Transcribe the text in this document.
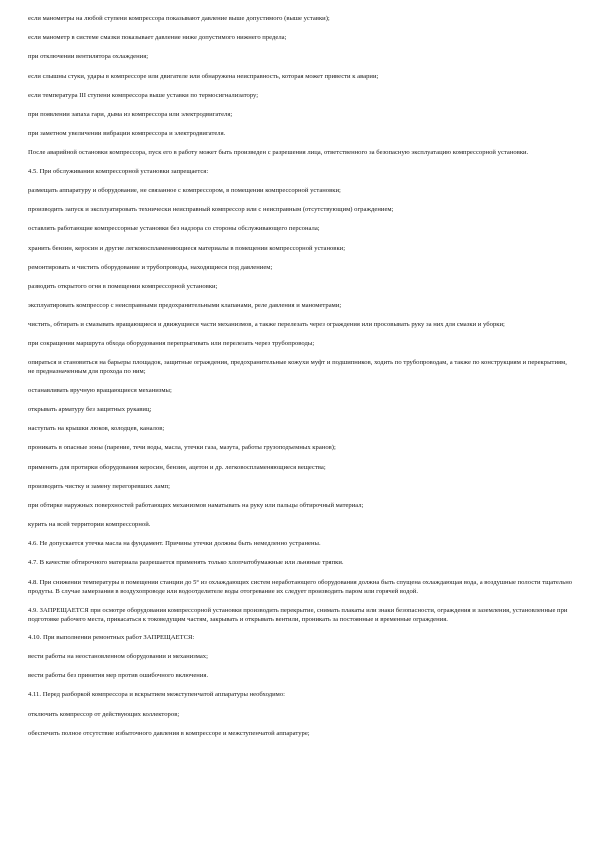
если манометры на любой ступени компрессора показывают давление выше допустимого (выше уставки);

если манометр в системе смазки показывает давление ниже допустимого нижнего предела;

при отключении вентилятора охлаждения;

если слышны стуки, удары в компрессоре или двигателе или обнаружена неисправность, которая может привести к аварии;

если температура III ступени компрессора выше уставки по термосигнализатору;

при появлении запаха гари, дыма из компрессора или электродвигателя;

при заметном увеличении вибрации компрессора и электродвигателя.

После аварийной остановки компрессора, пуск его в работу может быть произведен с разрешения лица, ответственного за безопасную эксплуатацию компрессорной установки.

4.5. При обслуживании компрессорной установки запрещается:

размещать аппаратуру и оборудование, не связанное с компрессором, в помещении компрессорной установки;

производить запуск и эксплуатировать технически неисправный компрессор или с неисправным (отсутствующим) ограждением;

оставлять работающие компрессорные установки без надзора со стороны обслуживающего персонала;

хранить бензин, керосин и другие легковоспламеняющиеся материалы в помещении компрессорной установки;

ремонтировать и чистить оборудование и трубопроводы, находящиеся под давлением;

разводить открытого огня в помещении компрессорной установки;

эксплуатировать компрессор с неисправными предохранительными клапанами, реле давления и манометрами;

чистить, обтирать и смазывать вращающиеся и движущиеся части механизмов, а также перелезать через ограждения или просовывать руку за них для смазки и уборки;

при сокращении маршрута обхода оборудования перепрыгивать или перелезать через трубопроводы;

опираться и становиться на барьеры площадок, защитные ограждения, предохранительные кожухи муфт и подшипников, ходить по трубопроводам, а также по конструкциям и перекрытиям, не предназначенным для прохода по ним;

останавливать вручную вращающиеся механизмы;

открывать арматуру без защитных рукавиц;

наступать на крышки люков, колодцев, каналов;

проникать в опасные зоны (парение, течи воды, масла, утечки газа, мазута, работы грузоподъемных кранов);

применять для протирки оборудования керосин, бензин, ацетон и др. легковоспламеняющиеся вещества;

производить чистку и замену перегоревших ламп;

при обтирке наружных поверхностей работающих механизмов наматывать на руку или пальцы обтирочный материал;

курить на всей территории компрессорной.

4.6. Не допускается утечка масла на фундамент. Причины утечки должны быть немедленно устранены.

4.7. В качестве обтирочного материала разрешается применять только хлопчатобумажные или льняные тряпки.

4.8. При снижении температуры в помещении станции до 5° из охлаждающих систем неработающего оборудования должна быть спущена охлаждающая вода, а воздушные полости тщательно продуты. В случае замерзания в воздухопроводе или водоотделителе воды отогревание их следует производить паром или горячей водой.

4.9. ЗАПРЕЩАЕТСЯ при осмотре оборудования компрессорной установки производить перекрытие, снимать плакаты или знаки безопасности, ограждения и заземления, установленные при подготовке рабочего места, прикасаться к токоведущим частям, закрывать и открывать вентили, проникать за постоянные и временные ограждения.

4.10. При выполнении ремонтных работ ЗАПРЕЩАЕТСЯ:

вести работы на неостановленном оборудовании и механизмах;

вести работы без принятия мер против ошибочного включения.

4.11. Перед разборкой компрессора и вскрытием межступенчатой аппаратуры необходимо:

отключить компрессор от действующих коллекторов;

обеспечить полное отсутствие избыточного давления в компрессоре и межступенчатой аппаратуре;
